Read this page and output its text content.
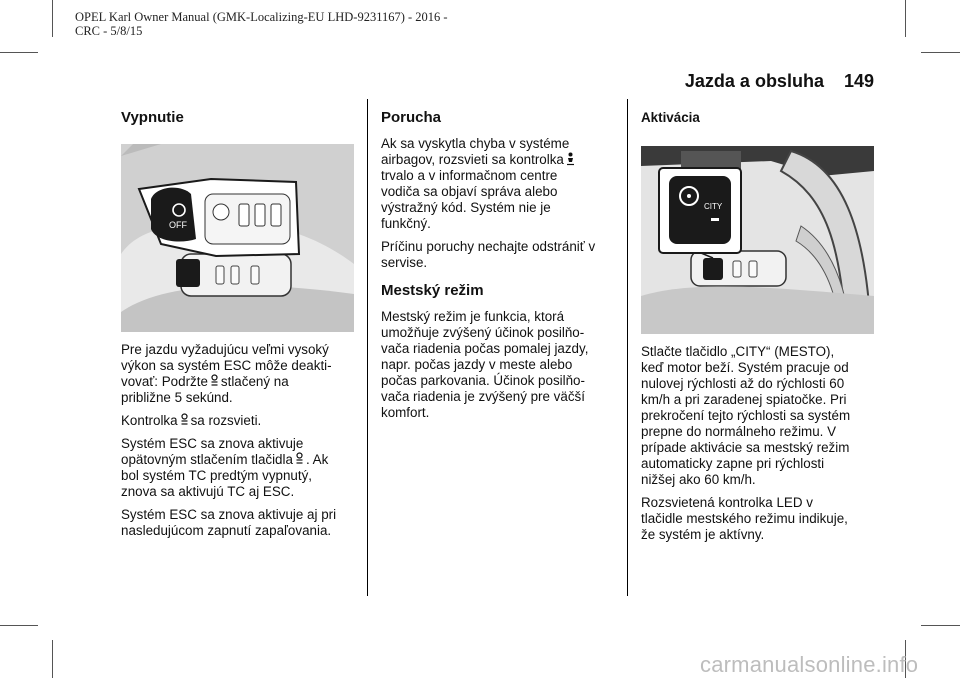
OPEL Karl Owner Manual (GMK-Localizing-EU LHD-9231167) - 2016 -
CRC - 5/8/15
Jazda a obsluha 149
Vypnutie
OFF

Pre jazdu vyžadujúcu veľmi vysoký
výkon sa systém ESC môže deakti-
vovať: Podržte stlačený na
približne 5 sekúnd.

Kontrolka sa rozsvieti.

Systém ESC sa znova aktivuje
opätovným stlačením tlačidla . Ak
bol systém TC predtým vypnutý,
znova sa aktivujú TC aj ESC.

Systém ESC sa znova aktivuje aj pri
nasledujúcom zapnutí zapaľovania.

Porucha

Ak sa vyskytla chyba v systéme
airbagov, rozsvieti sa kontrolka

trvalo a v informačnom centre
vodiča sa objaví správa alebo
výstražný kód. Systém nie je
funkčný.

Príčinu poruchy nechajte odstrániť v
servise.

Mestský režim

Mestský režim je funkcia, ktorá
umožňuje zvýšený účinok posilňo-
vača riadenia počas pomalej jazdy,
napr. počas jazdy v meste alebo
počas parkovania. Účinok posilňo-
vača riadenia je zvýšený pre väčší
komfort.

Aktivácia
CITY

Stlačte tlačidlo „CITY“ (MESTO),
keď motor beží. Systém pracuje od
nulovej rýchlosti až do rýchlosti 60
km/h a pri zaradenej spiatočke. Pri
prekročení tejto rýchlosti sa systém
prepne do normálneho režimu. V
prípade aktivácie sa mestský režim
automaticky zapne pri rýchlosti
nižšej ako 60 km/h.

Rozsvietená kontrolka LED v
tlačidle mestského režimu indikuje,
že systém je aktívny.

carmanualsonline.info
